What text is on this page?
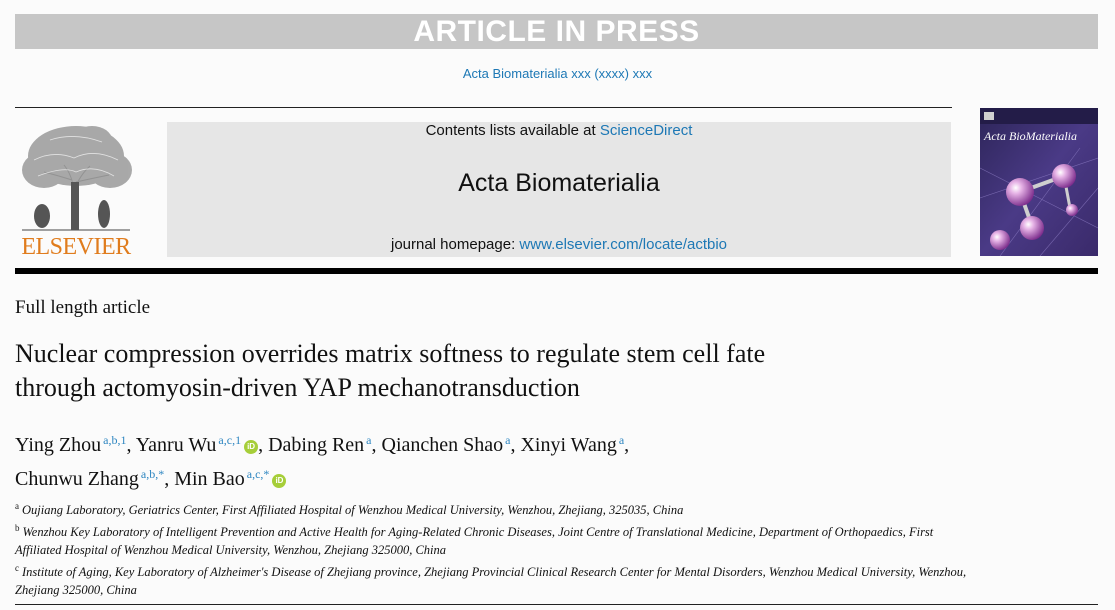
ARTICLE IN PRESS
Acta Biomaterialia xxx (xxxx) xxx
ELSEVIER
Contents lists available at ScienceDirect
Acta Biomaterialia
journal homepage: www.elsevier.com/locate/actbio
Acta BioMaterialia
Full length article
Nuclear compression overrides matrix softness to regulate stem cell fate
through actomyosin-driven YAP mechanotransduction
Ying Zhou $^{a,b,1}$, Yanru Wu $^{a,c,1}$ iD , Dabing Ren $^a$, Qianchen Shao $^a$, Xinyi Wang $^a$,
Chunwu Zhang $^{a,b,*}$, Min Bao $^{a,c,*}$ iD

$^a$ Oujiang Laboratory, Geriatrics Center, First Affiliated Hospital of Wenzhou Medical University, Wenzhou, Zhejiang, 325035, China

$^b$ Wenzhou Key Laboratory of Intelligent Prevention and Active Health for Aging-Related Chronic Diseases, Joint Centre of Translational Medicine, Department of Orthopaedics, First Affiliated Hospital of Wenzhou Medical University, Wenzhou, Zhejiang 325000, China

$^c$ Institute of Aging, Key Laboratory of Alzheimer's Disease of Zhejiang province, Zhejiang Provincial Clinical Research Center for Mental Disorders, Wenzhou Medical University, Wenzhou, Zhejiang 325000, China
